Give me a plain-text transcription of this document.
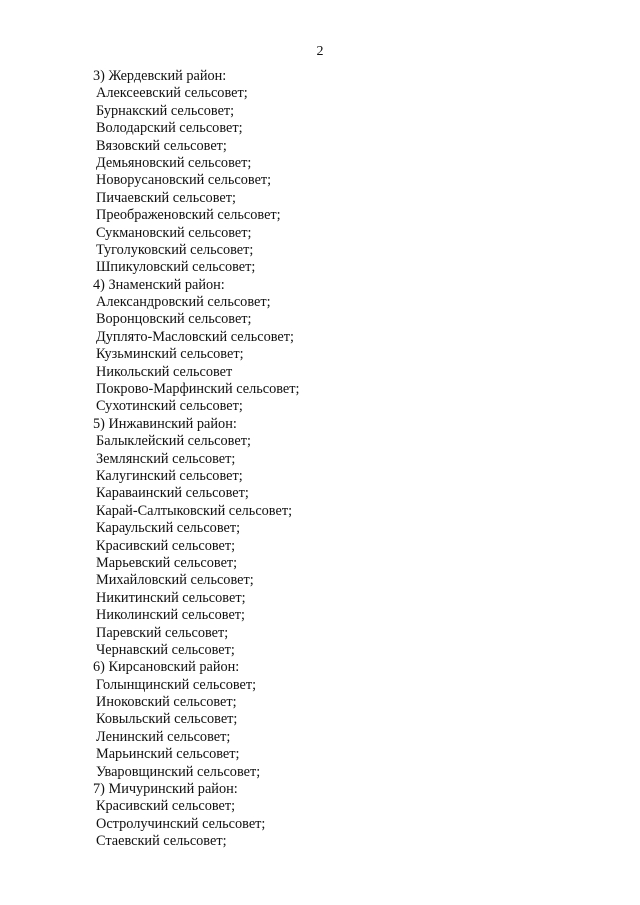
2
3) Жердевский район:
Алексеевский сельсовет;
Бурнакский сельсовет;
Володарский сельсовет;
Вязовский сельсовет;
Демьяновский сельсовет;
Новорусановский сельсовет;
Пичаевский сельсовет;
Преображеновский сельсовет;
Сукмановский сельсовет;
Туголуковский сельсовет;
Шпикуловский сельсовет;
4) Знаменский район:
Александровский сельсовет;
Воронцовский сельсовет;
Дуплято-Масловский сельсовет;
Кузьминский сельсовет;
Никольский сельсовет
Покрово-Марфинский сельсовет;
Сухотинский сельсовет;
5) Инжавинский район:
Балыклейский сельсовет;
Землянский сельсовет;
Калугинский сельсовет;
Караваинский сельсовет;
Карай-Салтыковский сельсовет;
Караульский сельсовет;
Красивский сельсовет;
Марьевский сельсовет;
Михайловский сельсовет;
Никитинский сельсовет;
Николинский сельсовет;
Паревский сельсовет;
Чернавский сельсовет;
6) Кирсановский район:
Голынщинский сельсовет;
Иноковский сельсовет;
Ковыльский сельсовет;
Ленинский сельсовет;
Марьинский сельсовет;
Уваровщинский сельсовет;
7) Мичуринский район:
Красивский сельсовет;
Остролучинский сельсовет;
Стаевский сельсовет;
